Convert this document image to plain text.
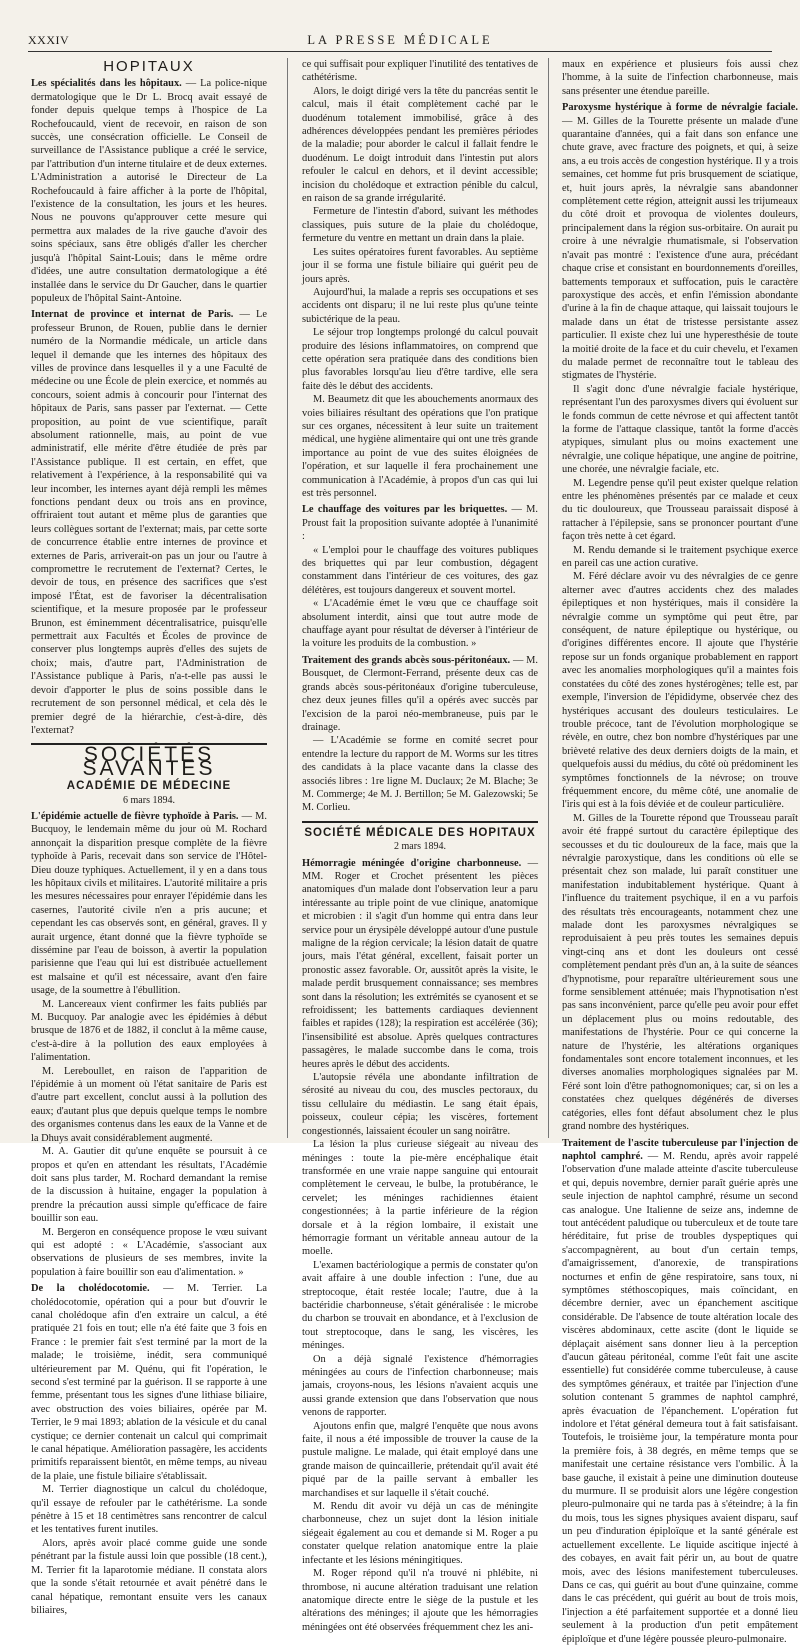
XXXIV	LA PRESSE MÉDICALE
HOPITAUX

Les spécialités dans les hôpitaux. — La police-nique dermatologique que le Dr L. Brocq avait essayé de fonder depuis quelque temps à l'hospice de La Rochefoucauld, vient de recevoir, en raison de son succès, une consécration officielle. Le Conseil de surveillance de l'Assistance publique a créé le service, par l'attribution d'un interne titulaire et de deux externes. L'Administration a autorisé le Directeur de La Rochefoucauld à faire afficher à la porte de l'hôpital, l'existence de la consultation, les jours et les heures. Nous ne pouvons qu'approuver cette mesure qui permettra aux malades de la rive gauche d'avoir des soins spéciaux, sans être obligés d'aller les chercher jusqu'à l'hôpital Saint-Louis; dans le même ordre d'idées, une autre consultation dermatologique a été installée dans le service du Dr Gaucher, dans le quartier populeux de l'hôpital Saint-Antoine.

Internat de province et internat de Paris. — Le professeur Brunon, de Rouen, publie dans le dernier numéro de la Normandie médicale, un article dans lequel il demande que les internes des hôpitaux des villes de province dans lesquelles il y a une Faculté de médecine ou une École de plein exercice, et nommés au concours, soient admis à concourir pour l'internat des hôpitaux de Paris, sans passer par l'externat. — Cette proposition, au point de vue scientifique, paraît absolument rationnelle, mais, au point de vue administratif, elle mérite d'être étudiée de près par l'Assistance publique. Il est certain, en effet, que relativement à l'expérience, à la responsabilité qui va leur incomber, les internes ayant déjà rempli les mêmes fonctions pendant deux ou trois ans en province, offriraient tout autant et même plus de garanties que leurs collègues sortant de l'externat; mais, par cette sorte de concurrence établie entre internes de province et externes de Paris, arriverait-on pas un jour ou l'autre à compromettre le recrutement de l'externat? Certes, le devoir de tous, en présence des sacrifices que s'est imposé l'État, est de favoriser la décentralisation scientifique, et la mesure proposée par le professeur Brunon, est éminemment décentralisatrice, puisqu'elle permettrait aux Facultés et Écoles de province de conserver plus longtemps auprès d'elles des sujets de choix; mais, d'autre part, l'Administration de l'Assistance publique à Paris, n'a-t-elle pas aussi le devoir d'apporter le plus de soins possible dans le recrutement de son personnel médical, et cela dès le premier degré de la hiérarchie, c'est-à-dire, dès l'externat?

SOCIÉTÉS SAVANTES
ACADÉMIE DE MÉDECINE
6 mars 1894.

L'épidémie actuelle de fièvre typhoïde à Paris. — M. Bucquoy, le lendemain même du jour où M. Rochard annonçait la disparition presque complète de la fièvre typhoïde à Paris, recevait dans son service de l'Hôtel-Dieu douze typhiques. Actuellement, il y en a dans tous les hôpitaux civils et militaires. L'autorité militaire a pris les mesures nécessaires pour enrayer l'épidémie dans les casernes, l'autorité civile n'en a pris aucune; et cependant les cas observés sont, en général, graves. Il y aurait urgence, étant donné que la fièvre typhoïde se dissémine par l'eau de boisson, à avertir la population parisienne que l'eau qui lui est distribuée actuellement est malsaine et qu'il est nécessaire, avant d'en faire usage, de la soumettre à l'ébullition.

M. Lancereaux vient confirmer les faits publiés par M. Bucquoy. Par analogie avec les épidémies à début brusque de 1876 et de 1882, il conclut à la même cause, c'est-à-dire à la pollution des eaux employées à l'alimentation.

M. Lereboullet, en raison de l'apparition de l'épidémie à un moment où l'état sanitaire de Paris est d'autre part excellent, conclut aussi à la pollution des eaux; d'autant plus que depuis quelque temps le nombre des organismes contenus dans les eaux de la Vanne et de la Dhuys avait considérablement augmenté.

M. A. Gautier dit qu'une enquête se poursuit à ce propos et qu'en en attendant les résultats, l'Académie doit sans plus tarder, M. Rochard demandant la remise de la discussion à huitaine, engager la population à prendre la précaution aussi simple qu'efficace de faire bouillir son eau.

M. Bergeron en conséquence propose le vœu suivant qui est adopté : « L'Académie, s'associant aux observations de plusieurs de ses membres, invite la population à faire bouillir son eau d'alimentation. »

De la cholédocotomie. — M. Terrier. La cholédocotomie, opération qui a pour but d'ouvrir le canal cholédoque afin d'en extraire un calcul, a été pratiquée 21 fois en tout; elle n'a été faite que 3 fois en France : le premier fait s'est terminé par la mort de la malade; le troisième, inédit, sera communiqué ultérieurement par M. Quénu, qui fit l'opération, le second s'est terminé par la guérison. Il se rapporte à une femme, présentant tous les signes d'une lithiase biliaire, avec obstruction des voies biliaires, opérée par M. Terrier, le 9 mai 1893; ablation de la vésicule et du canal cystique; ce dernier contenait un calcul qui comprimait le canal hépatique. Amélioration passagère, les accidents primitifs reparaissent bientôt, en même temps, au niveau de la plaie, une fistule biliaire s'établissait.

M. Terrier diagnostique un calcul du cholédoque, qu'il essaye de refouler par le cathétérisme. La sonde pénètre à 15 et 18 centimètres sans rencontrer de calcul et les tentatives furent inutiles.

Alors, après avoir placé comme guide une sonde pénétrant par la fistule aussi loin que possible (18 cent.), M. Terrier fit la laparotomie médiane. Il constata alors que la sonde s'était retournée et avait pénétré dans le canal hépatique, remontant ensuite vers les canaux biliaires,

ce qui suffisait pour expliquer l'inutilité des tentatives de cathétérisme.

Alors, le doigt dirigé vers la tête du pancréas sentit le calcul, mais il était complètement caché par le duodénum totalement immobilisé, grâce à des adhérences développées pendant les premières périodes de la maladie; pour aborder le calcul il fallait fendre le duodénum. Le doigt introduit dans l'intestin put alors refouler le calcul en dehors, et il devint accessible; incision du cholédoque et extraction pénible du calcul, en raison de sa grande irrégularité.

Fermeture de l'intestin d'abord, suivant les méthodes classiques, puis suture de la plaie du cholédoque, fermeture du ventre en mettant un drain dans la plaie.

Les suites opératoires furent favorables. Au septième jour il se forma une fistule biliaire qui guérit peu de jours après.

Aujourd'hui, la malade a repris ses occupations et ses accidents ont disparu; il ne lui reste plus qu'une teinte subictérique de la peau.

Le séjour trop longtemps prolongé du calcul pouvait produire des lésions inflammatoires, on comprend que cette opération sera pratiquée dans des conditions bien plus favorables lorsqu'au lieu d'être tardive, elle sera faite dès le début des accidents.

M. Beaumetz dit que les abouchements anormaux des voies biliaires résultant des opérations que l'on pratique sur ces organes, nécessitent à leur suite un traitement médical, une hygiène alimentaire qui ont une très grande importance au point de vue des suites éloignées de l'opération, et sur laquelle il fera prochainement une communication à l'Académie, à propos d'un cas qui lui est très personnel.

Le chauffage des voitures par les briquettes. — M. Proust fait la proposition suivante adoptée à l'unanimité :

« L'emploi pour le chauffage des voitures publiques des briquettes qui par leur combustion, dégagent constamment dans l'intérieur de ces voitures, des gaz délétères, est toujours dangereux et souvent mortel.

« L'Académie émet le vœu que ce chauffage soit absolument interdit, ainsi que tout autre mode de chauffage ayant pour résultat de déverser à l'intérieur de la voiture les produits de la combustion. »

Traitement des grands abcès sous-péritonéaux. — M. Bousquet, de Clermont-Ferrand, présente deux cas de grands abcès sous-péritonéaux d'origine tuberculeuse, chez deux jeunes filles qu'il a opérés avec succès par l'excision de la paroi néo-membraneuse, puis par le drainage.

— L'Académie se forme en comité secret pour entendre la lecture du rapport de M. Worms sur les titres des candidats à la place vacante dans la classe des associés libres : 1re ligne M. Duclaux; 2e M. Blache; 3e M. Commerge; 4e M. J. Bertillon; 5e M. Galezowski; 5e M. Corlieu.

SOCIÉTÉ MÉDICALE DES HOPITAUX
2 mars 1894.

Hémorragie méningée d'origine charbonneuse. — MM. Roger et Crochet présentent les pièces anatomiques d'un malade dont l'observation leur a paru intéressante au triple point de vue clinique, anatomique et microbien : il s'agit d'un homme qui entra dans leur service pour un érysipèle développé autour d'une pustule maligne de la région cervicale; la lésion datait de quatre jours, mais l'état général, excellent, faisait porter un pronostic assez favorable. Or, aussitôt après la visite, le malade perdit brusquement connaissance; ses membres sont dans la résolution; les extrémités se cyanosent et se refroidissent; les battements cardiaques deviennent faibles et rapides (128); la respiration est accélérée (36); l'insensibilité est absolue. Après quelques contractures passagères, le malade succombe dans le coma, trois heures après le début des accidents.

L'autopsie révéla une abondante infiltration de sérosité au niveau du cou, des muscles pectoraux, du tissu cellulaire du médiastin. Le sang était épais, poisseux, couleur cépia; les viscères, fortement congestionnés, laissaient écouler un sang noirâtre.

La lésion la plus curieuse siégeait au niveau des méninges : toute la pie-mère encéphalique était transformée en une vraie nappe sanguine qui entourait complètement le cerveau, le bulbe, la protubérance, le cervelet; les méninges rachidiennes étaient congestionnées; à la partie inférieure de la région dorsale et à la région lombaire, il existait une hémorragie formant un véritable anneau autour de la moelle.

L'examen bactériologique a permis de constater qu'on avait affaire à une double infection : l'une, due au streptocoque, était restée locale; l'autre, due à la bactéridie charbonneuse, s'était généralisée : le microbe du charbon se trouvait en abondance, et à l'exclusion de tout streptocoque, dans le sang, les viscères, les méninges.

On a déjà signalé l'existence d'hémorragies méningées au cours de l'infection charbonneuse; mais jamais, croyons-nous, les lésions n'avaient acquis une aussi grande extension que dans l'observation que nous venons de rapporter.

Ajoutons enfin que, malgré l'enquête que nous avons faite, il nous a été impossible de trouver la cause de la pustule maligne. Le malade, qui était employé dans une grande maison de quincaillerie, prétendait qu'il avait été piqué par de la paille servant à emballer les marchandises et sur laquelle il s'était couché.

M. Rendu dit avoir vu déjà un cas de méningite charbonneuse, chez un sujet dont la lésion initiale siégeait également au cou et demande si M. Roger a pu constater quelque relation anatomique entre la plaie infectante et les lésions méningitiques.

M. Roger répond qu'il n'a trouvé ni phlébite, ni thrombose, ni aucune altération traduisant une relation anatomique directe entre le siège de la pustule et les altérations des méninges; il ajoute que les hémorragies méningées ont été observées fréquemment chez les ani-

maux en expérience et plusieurs fois aussi chez l'homme, à la suite de l'infection charbonneuse, mais sans présenter une étendue pareille.

Paroxysme hystérique à forme de névralgie faciale. — M. Gilles de la Tourette présente un malade d'une quarantaine d'années, qui a fait dans son enfance une chute grave, avec fracture des poignets, et qui, à seize ans, a eu trois accès de congestion hystérique. Il y a trois semaines, cet homme fut pris brusquement de sciatique, et, huit jours après, la névralgie sans abandonner complètement cette région, atteignit aussi les trijumeaux du côté droit et provoqua de violentes douleurs, principalement dans la région sus-orbitaire. On aurait pu croire à une névralgie rhumatismale, si l'observation n'avait pas montré : l'existence d'une aura, précédant chaque crise et consistant en bourdonnements d'oreilles, battements temporaux et suffocation, puis le caractère paroxystique des accès, et enfin l'émission abondante d'urine à la fin de chaque attaque, qui laissait toujours le malade dans un état de tristesse persistante assez particulier. Il existe chez lui une hyperesthésie de toute la moitié droite de la face et du cuir chevelu, et l'examen du malade permet de reconnaître tout le tableau des stigmates de l'hystérie.

Il s'agit donc d'une névralgie faciale hystérique, représentant l'un des paroxysmes divers qui évoluent sur le fonds commun de cette névrose et qui affectent tantôt la forme de l'attaque classique, tantôt la forme d'accès atypiques, simulant plus ou moins exactement une névralgie, une colique hépatique, une angine de poitrine, une chorée, une névralgie faciale, etc.

M. Legendre pense qu'il peut exister quelque relation entre les phénomènes présentés par ce malade et ceux du tic douloureux, que Trousseau paraissait disposé à rattacher à l'épilepsie, sans se prononcer pourtant d'une façon très nette à cet égard.

M. Rendu demande si le traitement psychique exerce en pareil cas une action curative.

M. Féré déclare avoir vu des névralgies de ce genre alterner avec d'autres accidents chez des malades épileptiques et non hystériques, mais il considère la névralgie comme un symptôme qui peut être, par conséquent, de nature épileptique ou hystérique, ou d'origines différentes encore. Il ajoute que l'hystérie repose sur un fonds organique probablement en rapport avec les anomalies morphologiques qu'il a maintes fois constatées du côté des zones hystérogènes; telle est, par exemple, l'inversion de l'épididyme, observée chez des hystériques accusant des douleurs testiculaires. Le trouble précoce, tant de l'évolution morphologique se révèle, en outre, chez bon nombre d'hystériques par une brièveté relative des deux derniers doigts de la main, et quelquefois aussi du médius, du côté où prédominent les symptômes fonctionnels de la névrose; on trouve fréquemment encore, du même côté, une anomalie de l'iris qui est à la fois déviée et de couleur particulière.

M. Gilles de la Tourette répond que Trousseau paraît avoir été frappé surtout du caractère épileptique des secousses et du tic douloureux de la face, mais que la névralgie paroxystique, dans les conditions où elle se présentait chez son malade, lui paraît constituer une manifestation indubitablement hystérique. Quant à l'influence du traitement psychique, il en a vu parfois des résultats très encourageants, notamment chez une malade dont les paroxysmes névralgiques se reproduisaient à peu près toutes les semaines depuis vingt-cinq ans et dont les douleurs ont cessé complètement pendant près d'un an, à la suite de séances d'hypnotisme, pour reparaître ultérieurement sous une forme sensiblement atténuée; mais l'hypnotisation n'est pas sans inconvénient, parce qu'elle peu avoir pour effet un déplacement plus ou moins redoutable, des manifestations de l'hystérie. Pour ce qui concerne la nature de l'hystérie, les altérations organiques fondamentales sont encore totalement inconnues, et les diverses anomalies morphologiques signalées par M. Féré sont loin d'être pathognomoniques; car, si on les a constatées chez quelques dégénérés de diverses catégories, elles font défaut absolument chez le plus grand nombre des hystériques.

Traitement de l'ascite tuberculeuse par l'injection de naphtol camphré. — M. Rendu, après avoir rappelé l'observation d'une malade atteinte d'ascite tuberculeuse et qui, depuis novembre, dernier paraît guérie après une seule injection de naphtol camphré, résume un second cas analogue. Une Italienne de seize ans, indemne de tout antécédent paludique ou tuberculeux et de toute tare héréditaire, fut prise de troubles dyspeptiques qui s'accompagnèrent, au bout d'un certain temps, d'amaigrissement, d'anorexie, de transpirations nocturnes et enfin de gêne respiratoire, sans toux, ni symptômes stéthoscopiques, mais coïncidant, en décembre dernier, avec un épanchement ascitique considérable. De l'absence de toute altération locale des viscères abdominaux, cette ascite (dont le liquide se déplaçait aisément sans donner lieu à la perception d'aucun gâteau péritonéal, comme l'eût fait une ascite essentielle) fut considérée comme tuberculeuse, à cause des symptômes généraux, et traitée par l'injection d'une solution contenant 5 grammes de naphtol camphré, après évacuation de l'épanchement. L'opération fut indolore et l'état général demeura tout à fait satisfaisant. Toutefois, le troisième jour, la température monta pour la première fois, à 38 degrés, en même temps que se manifestait une certaine résistance vers l'ombilic. À la base gauche, il existait à peine une diminution douteuse du murmure. Il se produisit alors une légère congestion pleuro-pulmonaire qui ne tarda pas à s'éteindre; à la fin du mois, tous les signes physiques avaient disparu, sauf un peu d'induration épiploïque et la santé générale est actuellement excellente. Le liquide ascitique injecté à des cobayes, en avait fait périr un, au bout de quatre mois, avec des lésions manifestement tuberculeuses. Dans ce cas, qui guérit au bout d'une quinzaine, comme dans le cas précédent, qui guérit au bout de trois mois, l'injection a été parfaitement supportée et a donné lieu seulement à la production d'un petit empâtement épiploïque et d'une légère poussée pleuro-pulmonaire.
